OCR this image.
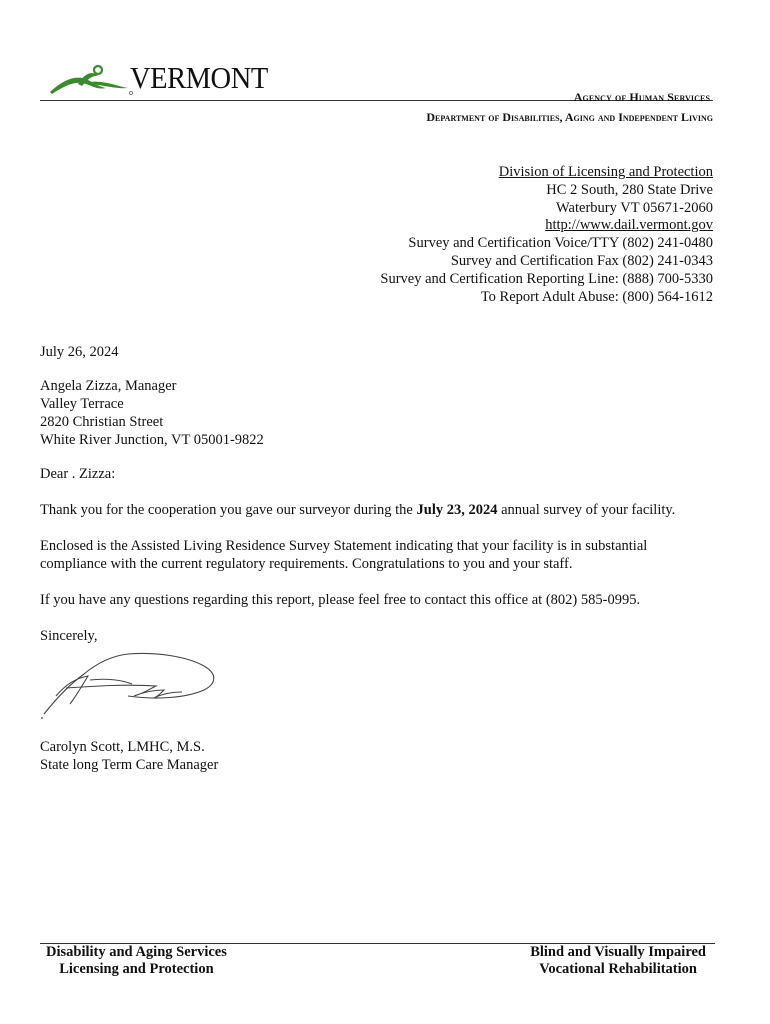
VERMONT
Agency of Human Services
Department of Disabilities, Aging and Independent Living
Division of Licensing and Protection
HC 2 South, 280 State Drive
Waterbury VT 05671-2060
http://www.dail.vermont.gov
Survey and Certification Voice/TTY (802) 241-0480
Survey and Certification Fax (802) 241-0343
Survey and Certification Reporting Line: (888) 700-5330
To Report Adult Abuse: (800) 564-1612

July 26, 2024

Angela Zizza, Manager

Valley Terrace

2820 Christian Street

White River Junction, VT 05001-9822

Dear . Zizza:

Thank you for the cooperation you gave our surveyor during the July 23, 2024 annual survey of your facility.

Enclosed is the Assisted Living Residence Survey Statement indicating that your facility is in substantial

compliance with the current regulatory requirements. Congratulations to you and your staff.

If you have any questions regarding this report, please feel free to contact this office at (802) 585-0995.

Sincerely,

Carolyn Scott, LMHC, M.S.
State long Term Care Manager
Disability and Aging Services
Licensing and Protection
Blind and Visually Impaired
Vocational Rehabilitation
